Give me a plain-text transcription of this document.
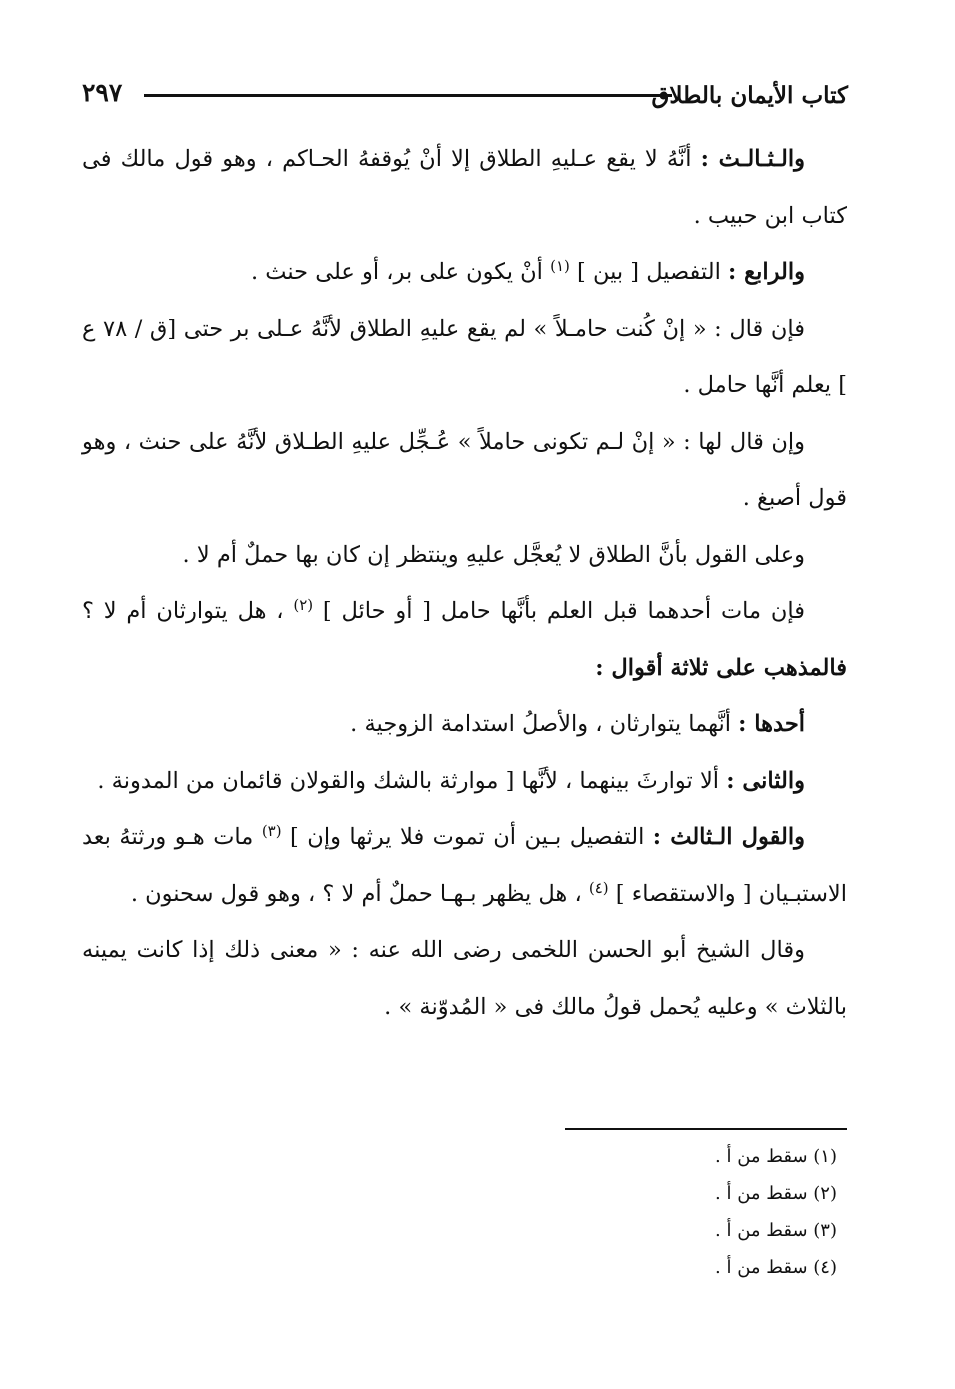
كتاب الأيمان بالطلاق
٢٩٧

والـثـالـث : أنَّهُ لا يقع عـليهِ الطلاق إلا أنْ يُوقفهُ الحـاكم ، وهو قول مالك فى كتاب ابن حبيب .

والرابع : التفصيل [ بين ] $^{(١)}$ أنْ يكون على بر، أو على حنث .

فإن قال : « إنْ كُنت حامـلاً » لم يقع عليهِ الطلاق لأنَّهُ عـلى بر حتى [ق / ٧٨ ع ] يعلم أنَّها حامل .

وإن قال لها : « إنْ لـم تكونى حاملاً » عُـجِّل عليهِ الطـلاق لأنَّهُ على حنث ، وهو قول أصبغ .

وعلى القول بأنَّ الطلاق لا يُعجَّل عليهِ وينتظر إن كان بها حملٌ أم لا .

فإن مات أحدهما قبل العلم بأنَّها حامل [ أو حائل ] $^{(٢)}$ ، هل يتوارثان أم لا ؟ فالمذهب على ثلاثة أقوال :

أحدها : أنَّهما يتوارثان ، والأصلُ استدامة الزوجية .

والثانى : ألا توارثَ بينهما ، لأنَّها [ موارثة بالشك والقولان قائمان من المدونة .

والقول الـثالث : التفصيل بـين أن تموت فلا يرثها وإن ] $^{(٣)}$ مات هـو ورثتهُ بعد الاستبـيان [ والاستقصاء ] $^{(٤)}$ ، هل يظهر بـهـا حملٌ أم لا ؟ ، وهو قول سحنون .

وقال الشيخ أبو الحسن اللخمى رضى الله عنه : « معنى ذلك إذا كانت يمينه بالثلاث » وعليه يُحمل قولُ مالك فى « المُدوّنة » .

(١) سقط من أ .

(٢) سقط من أ .

(٣) سقط من أ .

(٤) سقط من أ .
